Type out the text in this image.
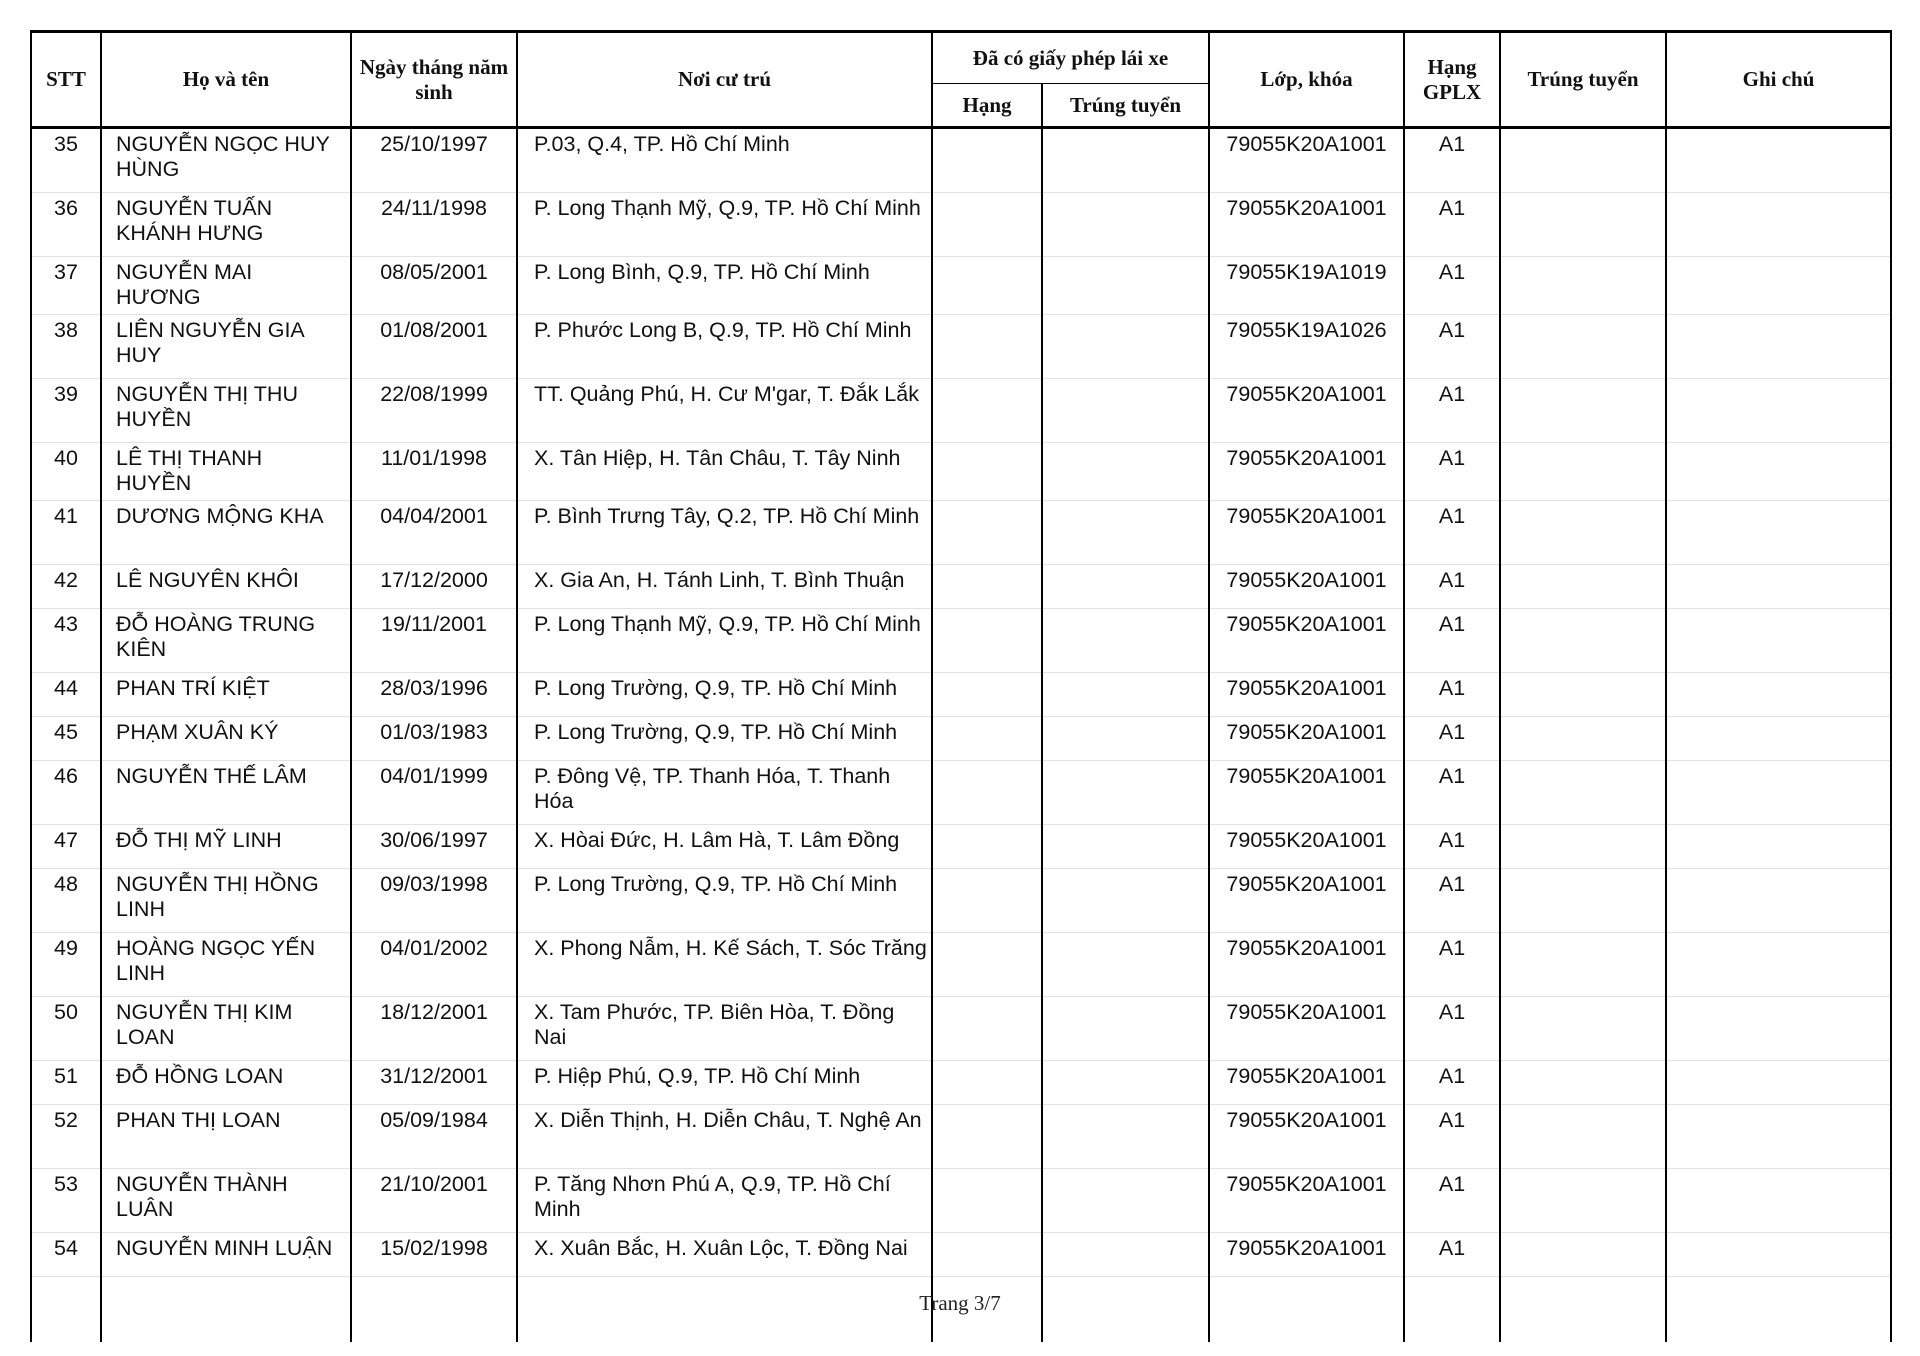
STT	Họ và tên	Ngày tháng năm sinh	Nơi cư trú	Đã có giấy phép lái xe		Lớp, khóa	Hạng GPLX	Trúng tuyển	Ghi chú
				Hạng	Trúng tuyển				
35	NGUYỄN NGỌC HUY HÙNG	25/10/1997	P.03, Q.4, TP. Hồ Chí Minh			79055K20A1001	A1		
36	NGUYỄN TUẤN KHÁNH HƯNG	24/11/1998	P. Long Thạnh Mỹ, Q.9, TP. Hồ Chí Minh			79055K20A1001	A1		
37	NGUYỄN MAI HƯƠNG	08/05/2001	P. Long Bình, Q.9, TP. Hồ Chí Minh			79055K19A1019	A1		
38	LIÊN NGUYỄN GIA HUY	01/08/2001	P. Phước Long B, Q.9, TP. Hồ Chí Minh			79055K19A1026	A1		
39	NGUYỄN THỊ THU HUYỀN	22/08/1999	TT. Quảng Phú, H. Cư M'gar, T. Đắk Lắk			79055K20A1001	A1		
40	LÊ THỊ THANH HUYỀN	11/01/1998	X. Tân Hiệp, H. Tân Châu, T. Tây Ninh			79055K20A1001	A1		
41	DƯƠNG MỘNG KHA	04/04/2001	P. Bình Trưng Tây, Q.2, TP. Hồ Chí Minh			79055K20A1001	A1		
42	LÊ NGUYÊN KHÔI	17/12/2000	X. Gia An, H. Tánh Linh, T. Bình Thuận			79055K20A1001	A1		
43	ĐỖ HOÀNG TRUNG KIÊN	19/11/2001	P. Long Thạnh Mỹ, Q.9, TP. Hồ Chí Minh			79055K20A1001	A1		
44	PHAN TRÍ KIỆT	28/03/1996	P. Long Trường, Q.9, TP. Hồ Chí Minh			79055K20A1001	A1		
45	PHẠM XUÂN KÝ	01/03/1983	P. Long Trường, Q.9, TP. Hồ Chí Minh			79055K20A1001	A1		
46	NGUYỄN THẾ LÂM	04/01/1999	P. Đông Vệ, TP. Thanh Hóa, T. Thanh Hóa			79055K20A1001	A1		
47	ĐỖ THỊ MỸ LINH	30/06/1997	X. Hòai Đức, H. Lâm Hà, T. Lâm Đồng			79055K20A1001	A1		
48	NGUYỄN THỊ HỒNG LINH	09/03/1998	P. Long Trường, Q.9, TP. Hồ Chí Minh			79055K20A1001	A1		
49	HOÀNG NGỌC YẾN LINH	04/01/2002	X. Phong Nẫm, H. Kế Sách, T. Sóc Trăng			79055K20A1001	A1		
50	NGUYỄN THỊ KIM LOAN	18/12/2001	X. Tam Phước, TP. Biên Hòa, T. Đồng Nai			79055K20A1001	A1		
51	ĐỖ HỒNG LOAN	31/12/2001	P. Hiệp Phú, Q.9, TP. Hồ Chí Minh			79055K20A1001	A1		
52	PHAN THỊ LOAN	05/09/1984	X. Diễn Thịnh, H. Diễn Châu, T. Nghệ An			79055K20A1001	A1		
53	NGUYỄN THÀNH LUÂN	21/10/2001	P. Tăng Nhơn Phú A, Q.9, TP. Hồ Chí Minh			79055K20A1001	A1		
54	NGUYỄN MINH LUẬN	15/02/1998	X. Xuân Bắc, H. Xuân Lộc, T. Đồng Nai			79055K20A1001	A1		

Trang 3/7
